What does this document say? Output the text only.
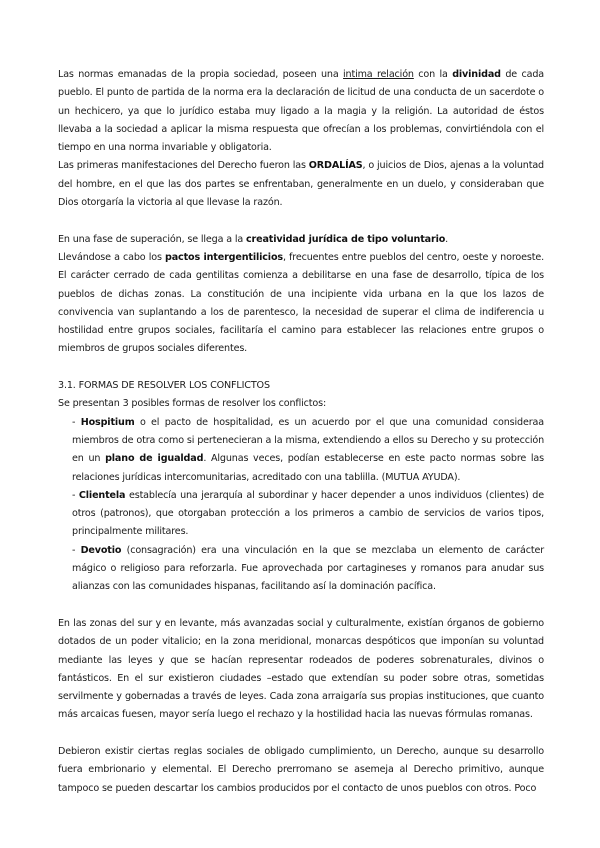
Las normas emanadas de la propia sociedad, poseen una intima relación con la divinidad de cada pueblo. El punto de partida de la norma era la declaración de licitud de una conducta de un sacerdote o un hechicero, ya que lo jurídico estaba muy ligado a la magia y la religión. La autoridad de éstos llevaba a la sociedad a aplicar la misma respuesta que ofrecían a los problemas, convirtiéndola con el tiempo en una norma invariable y obligatoria.

Las primeras manifestaciones del Derecho fueron las ORDALÍAS, o juicios de Dios, ajenas a la voluntad del hombre, en el que las dos partes se enfrentaban, generalmente en un duelo, y consideraban que Dios otorgaría la victoria al que llevase la razón.

En una fase de superación, se llega a la creatividad jurídica de tipo voluntario.

Llevándose a cabo los pactos intergentilicios, frecuentes entre pueblos del centro, oeste y noroeste. El carácter cerrado de cada gentilitas comienza a debilitarse en una fase de desarrollo, típica de los pueblos de dichas zonas. La constitución de una incipiente vida urbana en la que los lazos de convivencia van suplantando a los de parentesco, la necesidad de superar el clima de indiferencia u hostilidad entre grupos sociales, facilitaría el camino para establecer las relaciones entre grupos o miembros de grupos sociales diferentes.

3.1. FORMAS DE RESOLVER LOS CONFLICTOS

Se presentan 3 posibles formas de resolver los conflictos:

- Hospitium o el pacto de hospitalidad, es un acuerdo por el que una comunidad consideraa miembros de otra como si pertenecieran a la misma, extendiendo a ellos su Derecho y su protección en un plano de igualdad. Algunas veces, podían establecerse en este pacto normas sobre las relaciones jurídicas intercomunitarias, acreditado con una tablilla. (MUTUA AYUDA).

- Clientela establecía una jerarquía al subordinar y hacer depender a unos individuos (clientes) de otros (patronos), que otorgaban protección a los primeros a cambio de servicios de varios tipos, principalmente militares.

- Devotio (consagración) era una vinculación en la que se mezclaba un elemento de carácter mágico o religioso para reforzarla. Fue aprovechada por cartagineses y romanos para anudar sus alianzas con las comunidades hispanas, facilitando así la dominación pacífica.

En las zonas del sur y en levante, más avanzadas social y culturalmente, existían órganos de gobierno dotados de un poder vitalicio; en la zona meridional, monarcas despóticos que imponían su voluntad mediante las leyes y que se hacían representar rodeados de poderes sobrenaturales, divinos o fantásticos. En el sur existieron ciudades –estado que extendían su poder sobre otras, sometidas servilmente y gobernadas a través de leyes. Cada zona arraigaría sus propias instituciones, que cuanto más arcaicas fuesen, mayor sería luego el rechazo y la hostilidad hacia las nuevas fórmulas romanas.

Debieron existir ciertas reglas sociales de obligado cumplimiento, un Derecho, aunque su desarrollo fuera embrionario y elemental. El Derecho prerromano se asemeja al Derecho primitivo, aunque tampoco se pueden descartar los cambios producidos por el contacto de unos pueblos con otros. Poco
